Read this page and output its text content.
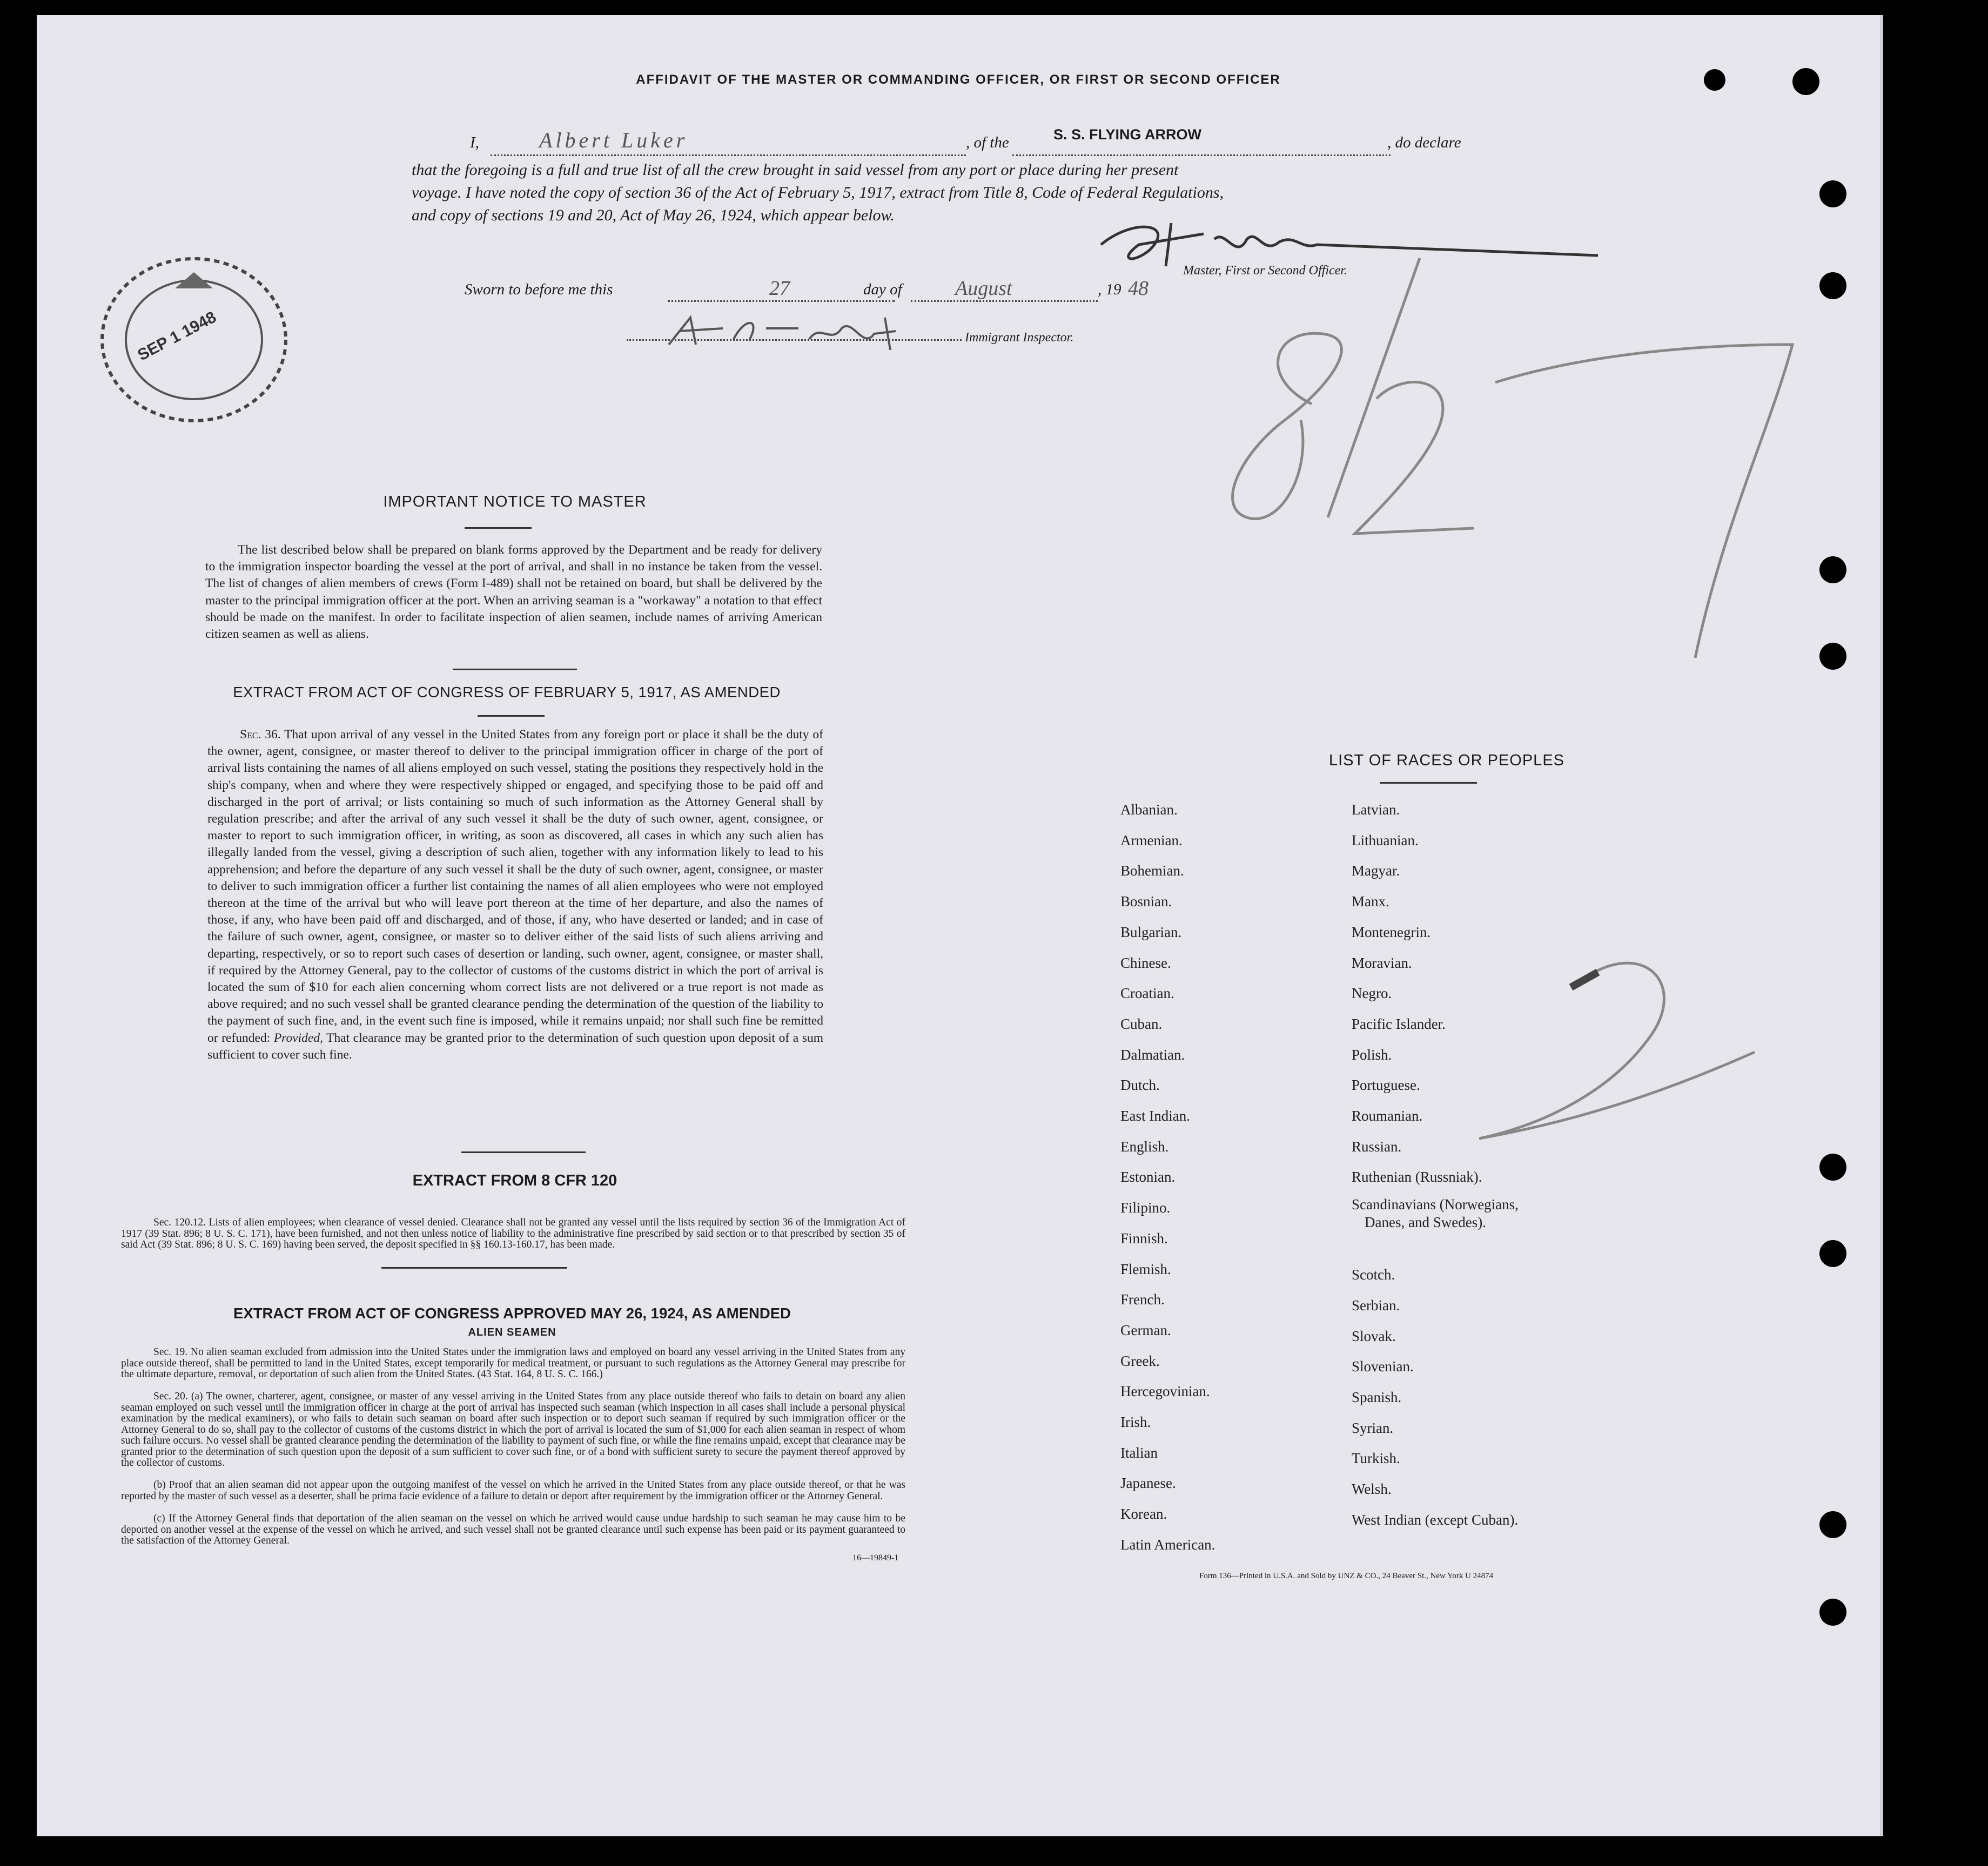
AFFIDAVIT OF THE MASTER OR COMMANDING OFFICER, OR FIRST OR SECOND OFFICER
I,	Albert Luker	, of the	S. S. FLYING ARROW	, do declare
that the foregoing is a full and true list of all the crew brought in said vessel from any port or place during her present
voyage. I have noted the copy of section 36 of the Act of February 5, 1917, extract from Title 8, Code of Federal Regulations,
and copy of sections 19 and 20, Act of May 26, 1924, which appear below.
Master, First or Second Officer.
Sworn to before me this	27	day of	August	, 19 48
Immigrant Inspector.
SEP 1 1948
IMPORTANT NOTICE TO MASTER
The list described below shall be prepared on blank forms approved by the Department and be ready for delivery to the immigration inspector boarding the vessel at the port of arrival, and shall in no instance be taken from the vessel. The list of changes of alien members of crews (Form I-489) shall not be retained on board, but shall be delivered by the master to the principal immigration officer at the port. When an arriving seaman is a "workaway" a notation to that effect should be made on the manifest. In order to facilitate inspection of alien seamen, include names of arriving American citizen seamen as well as aliens.
EXTRACT FROM ACT OF CONGRESS OF FEBRUARY 5, 1917, AS AMENDED
Sec. 36. That upon arrival of any vessel in the United States from any foreign port or place it shall be the duty of the owner, agent, consignee, or master thereof to deliver to the principal immigration officer in charge of the port of arrival lists containing the names of all aliens employed on such vessel, stating the positions they respectively hold in the ship's company, when and where they were respectively shipped or engaged, and specifying those to be paid off and discharged in the port of arrival; or lists containing so much of such information as the Attorney General shall by regulation prescribe; and after the arrival of any such vessel it shall be the duty of such owner, agent, consignee, or master to report to such immigration officer, in writing, as soon as discovered, all cases in which any such alien has illegally landed from the vessel, giving a description of such alien, together with any information likely to lead to his apprehension; and before the departure of any such vessel it shall be the duty of such owner, agent, consignee, or master to deliver to such immigration officer a further list containing the names of all alien employees who were not employed thereon at the time of the arrival but who will leave port thereon at the time of her departure, and also the names of those, if any, who have been paid off and discharged, and of those, if any, who have deserted or landed; and in case of the failure of such owner, agent, consignee, or master so to deliver either of the said lists of such aliens arriving and departing, respectively, or so to report such cases of desertion or landing, such owner, agent, consignee, or master shall, if required by the Attorney General, pay to the collector of customs of the customs district in which the port of arrival is located the sum of $10 for each alien concerning whom correct lists are not delivered or a true report is not made as above required; and no such vessel shall be granted clearance pending the determination of the question of the liability to the payment of such fine, and, in the event such fine is imposed, while it remains unpaid; nor shall such fine be remitted or refunded: Provided, That clearance may be granted prior to the determination of such question upon deposit of a sum sufficient to cover such fine.
EXTRACT FROM 8 CFR 120
Sec. 120.12. Lists of alien employees; when clearance of vessel denied. Clearance shall not be granted any vessel until the lists required by section 36 of the Immigration Act of 1917 (39 Stat. 896; 8 U. S. C. 171), have been furnished, and not then unless notice of liability to the administrative fine prescribed by said section or to that prescribed by section 35 of said Act (39 Stat. 896; 8 U. S. C. 169) having been served, the deposit specified in §§ 160.13-160.17, has been made.
EXTRACT FROM ACT OF CONGRESS APPROVED MAY 26, 1924, AS AMENDED
ALIEN SEAMEN
Sec. 19. No alien seaman excluded from admission into the United States under the immigration laws and employed on board any vessel arriving in the United States from any place outside thereof, shall be permitted to land in the United States, except temporarily for medical treatment, or pursuant to such regulations as the Attorney General may prescribe for the ultimate departure, removal, or deportation of such alien from the United States. (43 Stat. 164, 8 U. S. C. 166.)
Sec. 20. (a) The owner, charterer, agent, consignee, or master of any vessel arriving in the United States from any place outside thereof who fails to detain on board any alien seaman employed on such vessel until the immigration officer in charge at the port of arrival has inspected such seaman (which inspection in all cases shall include a personal physical examination by the medical examiners), or who fails to detain such seaman on board after such inspection or to deport such seaman if required by such immigration officer or the Attorney General to do so, shall pay to the collector of customs of the customs district in which the port of arrival is located the sum of $1,000 for each alien seaman in respect of whom such failure occurs. No vessel shall be granted clearance pending the determination of the liability to payment of such fine, or while the fine remains unpaid, except that clearance may be granted prior to the determination of such question upon the deposit of a sum sufficient to cover such fine, or of a bond with sufficient surety to secure the payment thereof approved by the collector of customs.
(b) Proof that an alien seaman did not appear upon the outgoing manifest of the vessel on which he arrived in the United States from any place outside thereof, or that he was reported by the master of such vessel as a deserter, shall be prima facie evidence of a failure to detain or deport after requirement by the immigration officer or the Attorney General.
(c) If the Attorney General finds that deportation of the alien seaman on the vessel on which he arrived would cause undue hardship to such seaman he may cause him to be deported on another vessel at the expense of the vessel on which he arrived, and such vessel shall not be granted clearance until such expense has been paid or its payment guaranteed to the satisfaction of the Attorney General.
16—19849-1
LIST OF RACES OR PEOPLES
Albanian.
Armenian.
Bohemian.
Bosnian.
Bulgarian.
Chinese.
Croatian.
Cuban.
Dalmatian.
Dutch.
East Indian.
English.
Estonian.
Filipino.
Finnish.
Flemish.
French.
German.
Greek.
Hercegovinian.
Irish.
Italian
Japanese.
Korean.
Latin American.
Latvian.
Lithuanian.
Magyar.
Manx.
Montenegrin.
Moravian.
Negro.
Pacific Islander.
Polish.
Portuguese.
Roumanian.
Russian.
Ruthenian (Russniak).
Scandinavians (Norwegians,
Danes, and Swedes).
Scotch.
Serbian.
Slovak.
Slovenian.
Spanish.
Syrian.
Turkish.
Welsh.
West Indian (except Cuban).
Form 136—Printed in U.S.A. and Sold by UNZ & CO., 24 Beaver St., New York U 24874
